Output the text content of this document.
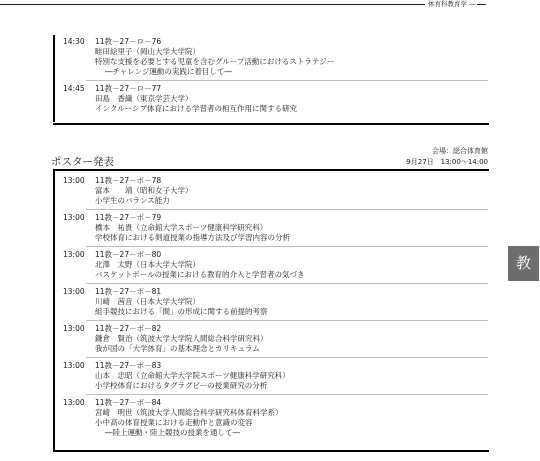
体育科教育学 ―
14:30 11教－27－ロ－76
畦田絵里子（岡山大学大学院）
特別な支援を必要とする児童を含むグループ活動におけるストラテジー
―チャレンジ運動の実践に着目して―
14:45 11教－27－ロ－77
田島　香織（東京学芸大学）
インクルーシブ体育における学習者の相互作用に関する研究
会場：総合体育館
ポスター発表	9月27日　13:00～14:00
13:00 11教－27－ポ－78
富本　　靖（昭和女子大学）
小学生のバランス能力
13:00 11教－27－ポ－79
橋本　祐貴（立命館大学スポーツ健康科学研究科）
学校体育における剣道授業の指導方法及び学習内容の分析
13:00 11教－27－ポ－80
北澤　太野（日本大学大学院）
バスケットボールの授業における教育的介入と学習者の気づき
13:00 11教－27－ポ－81
川崎　茜音（日本大学大学院）
組手競技における「間」の形成に関する前提的考察
13:00 11教－27－ポ－82
鎌倉　賢治（筑波大学大学院人間総合科学研究科）
我が国の「大学体育」の基本理念とカリキュラム
13:00 11教－27－ポ－83
山本　忠昭（立命館大学大学院スポーツ健康科学研究科）
小学校体育におけるタグラグビーの授業研究の分析
13:00 11教－27－ポ－84
宮崎　明世（筑波大学人間総合科学研究科体育科学系）
小中高の体育授業における走動作と意識の変容
―陸上運動・陸上競技の授業を通して―
教
